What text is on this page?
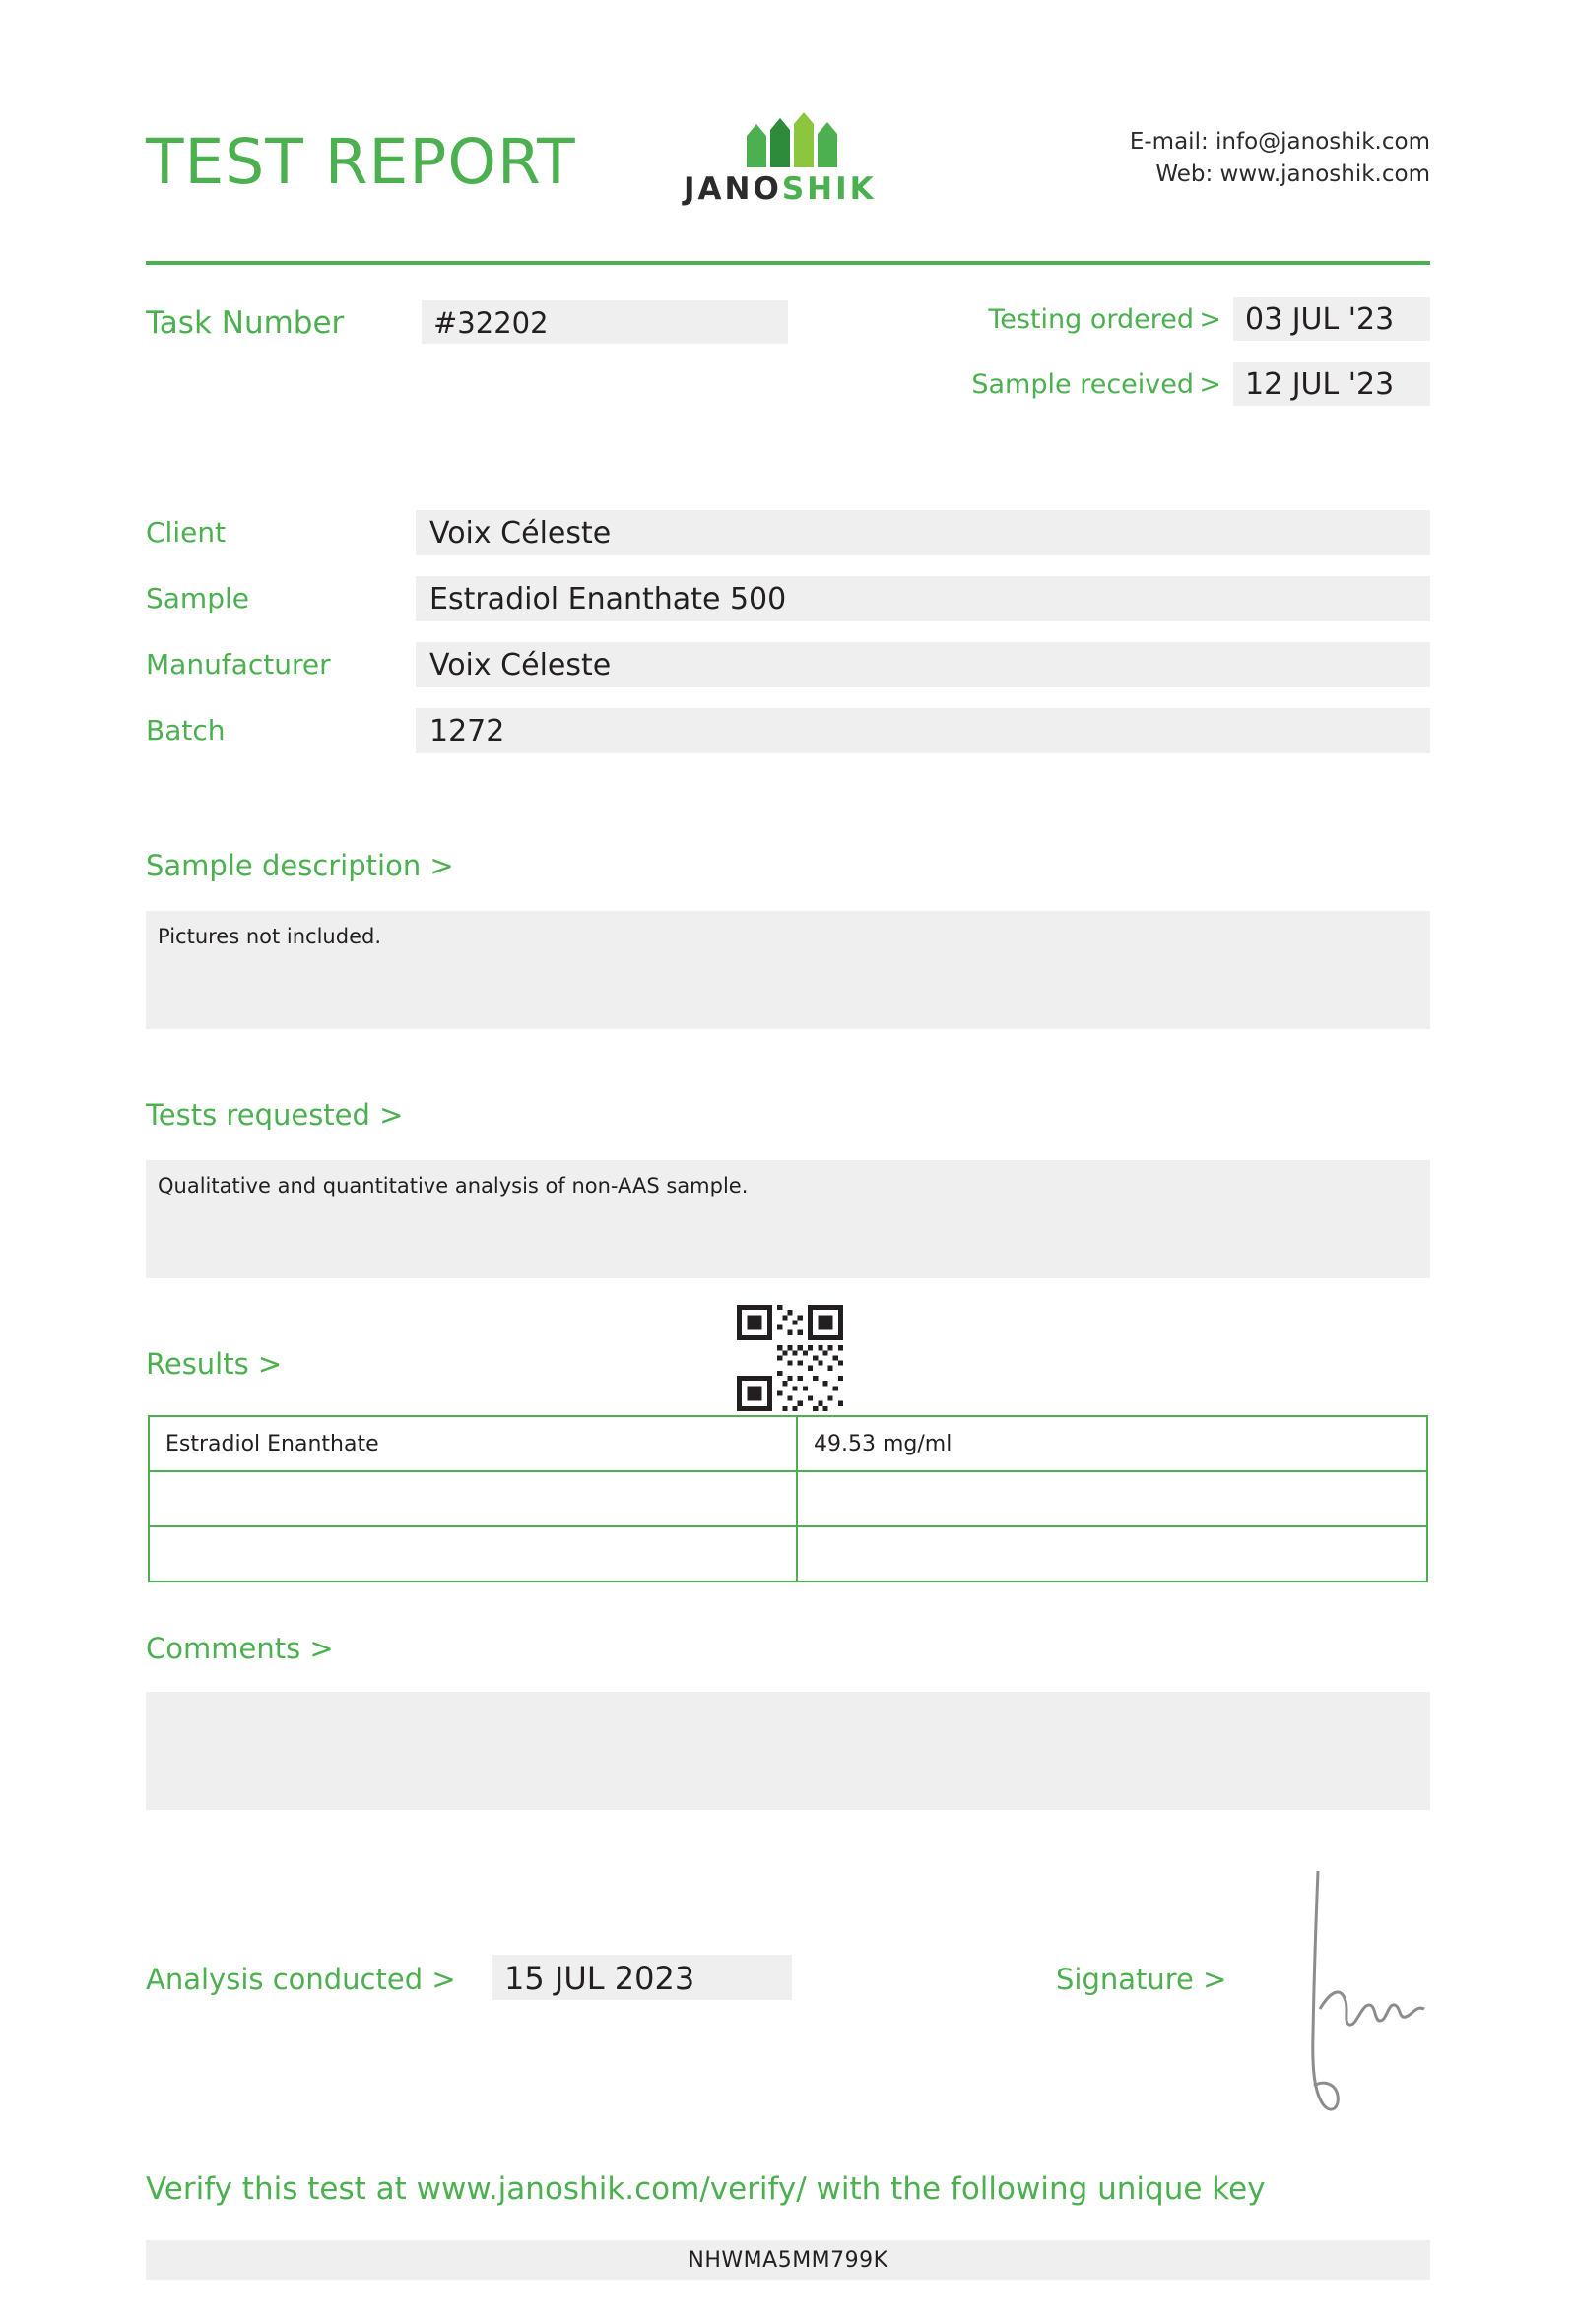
TEST REPORT	JANOSHIK
E-mail: info@janoshik.com
Web: www.janoshik.com
Task Number	#32202	Testing ordered > 03 JUL '23
Sample received > 12 JUL '23
Client	Voix Céleste
Sample	Estradiol Enanthate 500
Manufacturer	Voix Céleste
Batch	1272
Sample description >
Pictures not included.
Tests requested >
Qualitative and quantitative analysis of non-AAS sample.
Results >
Estradiol Enanthate	49.53 mg/ml

Comments >
Analysis conducted >	15 JUL 2023	Signature >
Verify this test at www.janoshik.com/verify/ with the following unique key
NHWMA5MM799K
